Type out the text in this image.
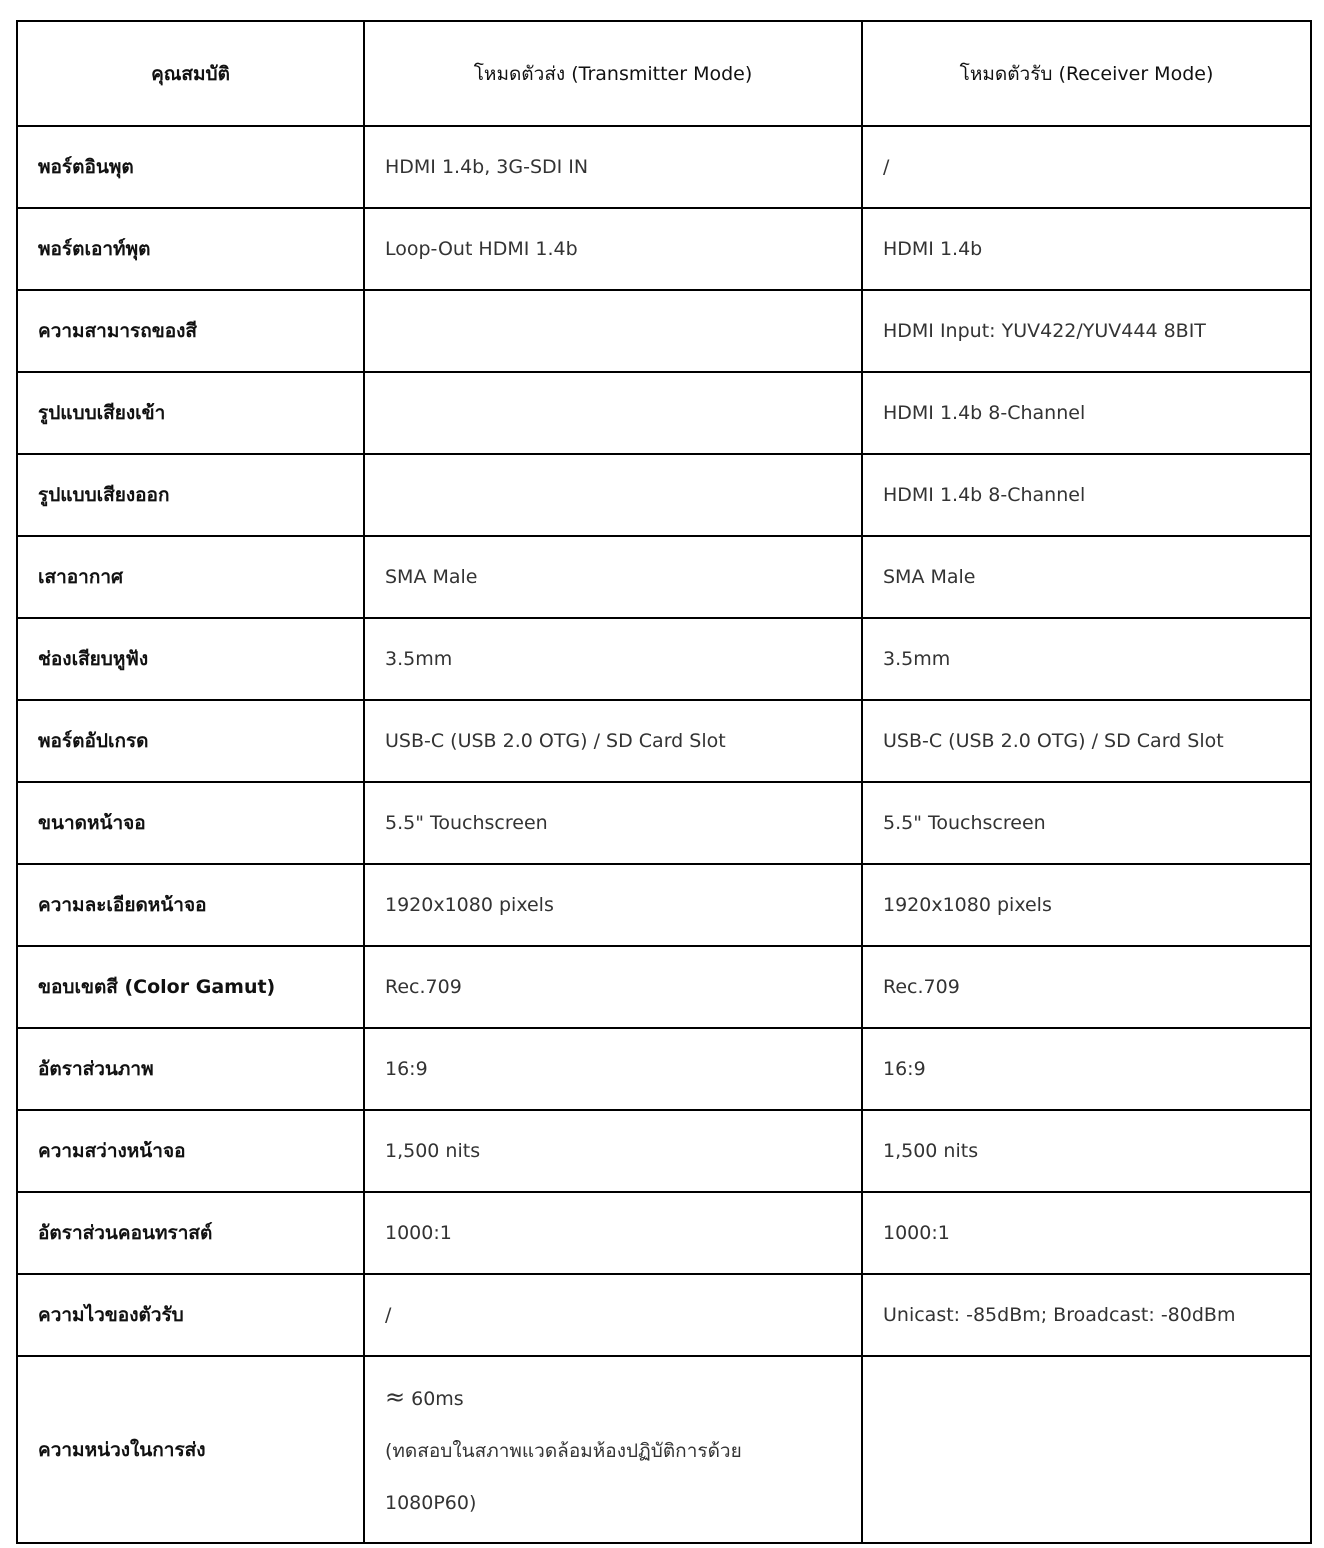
คุณสมบัติ	โหมดตัวส่ง (Transmitter Mode)	โหมดตัวรับ (Receiver Mode)
พอร์ตอินพุต	HDMI 1.4b, 3G-SDI IN	/
พอร์ตเอาท์พุต	Loop-Out HDMI 1.4b	HDMI 1.4b
ความสามารถของสี		HDMI Input: YUV422/YUV444 8BIT
รูปแบบเสียงเข้า		HDMI 1.4b 8-Channel
รูปแบบเสียงออก		HDMI 1.4b 8-Channel
เสาอากาศ	SMA Male	SMA Male
ช่องเสียบหูฟัง	3.5mm	3.5mm
พอร์ตอัปเกรด	USB-C (USB 2.0 OTG) / SD Card Slot	USB-C (USB 2.0 OTG) / SD Card Slot
ขนาดหน้าจอ	5.5" Touchscreen	5.5" Touchscreen
ความละเอียดหน้าจอ	1920x1080 pixels	1920x1080 pixels
ขอบเขตสี (Color Gamut)	Rec.709	Rec.709
อัตราส่วนภาพ	16:9	16:9
ความสว่างหน้าจอ	1,500 nits	1,500 nits
อัตราส่วนคอนทราสต์	1000:1	1000:1
ความไวของตัวรับ	/	Unicast: -85dBm; Broadcast: -80dBm
ความหน่วงในการส่ง	≈ 60ms
(ทดสอบในสภาพแวดล้อมห้องปฏิบัติการด้วย
1080P60)	
